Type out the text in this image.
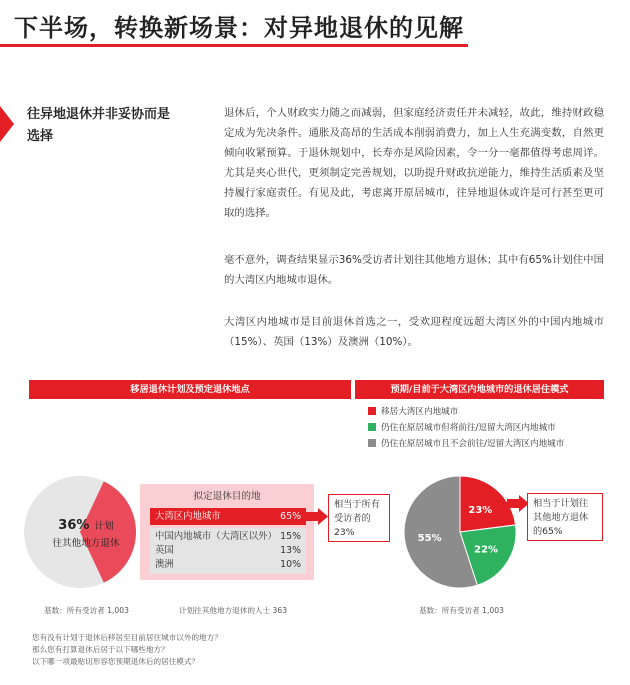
下半场，转换新场景：对异地退休的见解
往异地退休并非妥协而是选择
退休后，个人财政实力随之而减弱，但家庭经济责任并未减轻，故此，维持财政稳定成为先决条件。通胀及高昂的生活成本削弱消费力，加上人生充满变数，自然更倾向收紧预算。于退休规划中，长寿亦是风险因素，令一分一毫都值得考虑周详。尤其是夹心世代，更须制定完善规划，以助提升财政抗逆能力，维持生活质素及坚持履行家庭责任。有见及此，考虑离开原居城市，往异地退休或许是可行甚至更可取的选择。
毫不意外，调查结果显示36%受访者计划往其他地方退休；其中有65%计划住中国的大湾区内地城市退休。
大湾区内地城市是目前退休首选之一，受欢迎程度远超大湾区外的中国内地城市（15%）、英国（13%）及澳洲（10%）。
移居退休计划及预定退休地点	预期/目前于大湾区内地城市的退休居住模式
36% 计划
往其他地方退休
拟定退休目的地
大湾区内地城市	65%
中国内地城市（大湾区以外） 15%
英国	13%
澳洲	10%
相当于所有受访者的23%
移居大湾区内地城市
仍住在原居城市但将前往/逗留大湾区内地城市
仍住在原居城市且不会前往/逗留大湾区内地城市
23%
22%
55%
相当于计划往其他地方退休的65%
基数：所有受访者 1,003	计划往其他地方退休的人士 363	基数：所有受访者 1,003
您有没有计划于退休后移居至目前居住城市以外的地方？
那么您有打算退休后居于以下哪些地方？
以下哪一项最贴切形容您预期退休后的居住模式？
